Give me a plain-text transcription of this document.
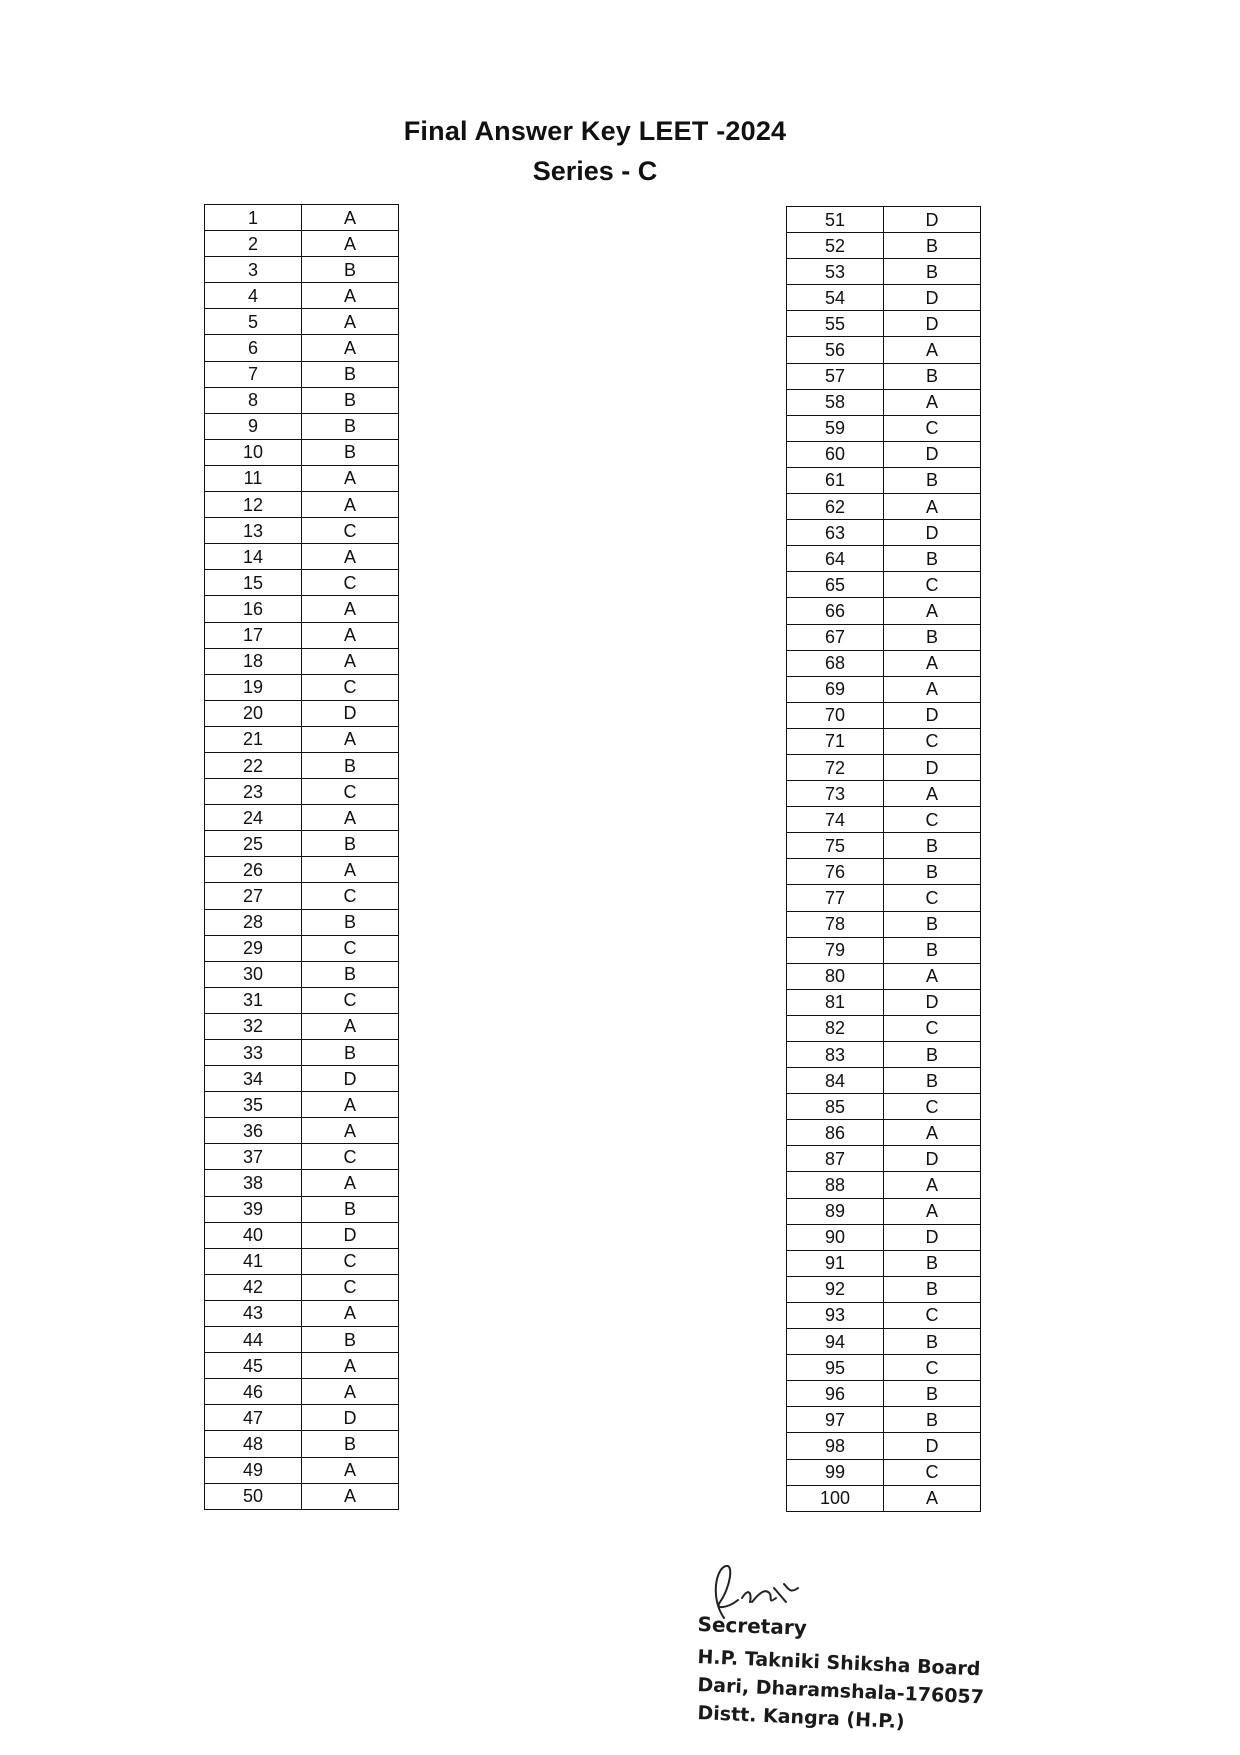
Final Answer Key LEET -2024
Series - C
1	A
2	A
3	B
4	A
5	A
6	A
7	B
8	B
9	B
10	B
11	A
12	A
13	C
14	A
15	C
16	A
17	A
18	A
19	C
20	D
21	A
22	B
23	C
24	A
25	B
26	A
27	C
28	B
29	C
30	B
31	C
32	A
33	B
34	D
35	A
36	A
37	C
38	A
39	B
40	D
41	C
42	C
43	A
44	B
45	A
46	A
47	D
48	B
49	A
50	A
51	D
52	B
53	B
54	D
55	D
56	A
57	B
58	A
59	C
60	D
61	B
62	A
63	D
64	B
65	C
66	A
67	B
68	A
69	A
70	D
71	C
72	D
73	A
74	C
75	B
76	B
77	C
78	B
79	B
80	A
81	D
82	C
83	B
84	B
85	C
86	A
87	D
88	A
89	A
90	D
91	B
92	B
93	C
94	B
95	C
96	B
97	B
98	D
99	C
100	A
Secretary
H.P. Takniki Shiksha Board
Dari, Dharamshala-176057
Distt. Kangra (H.P.)
